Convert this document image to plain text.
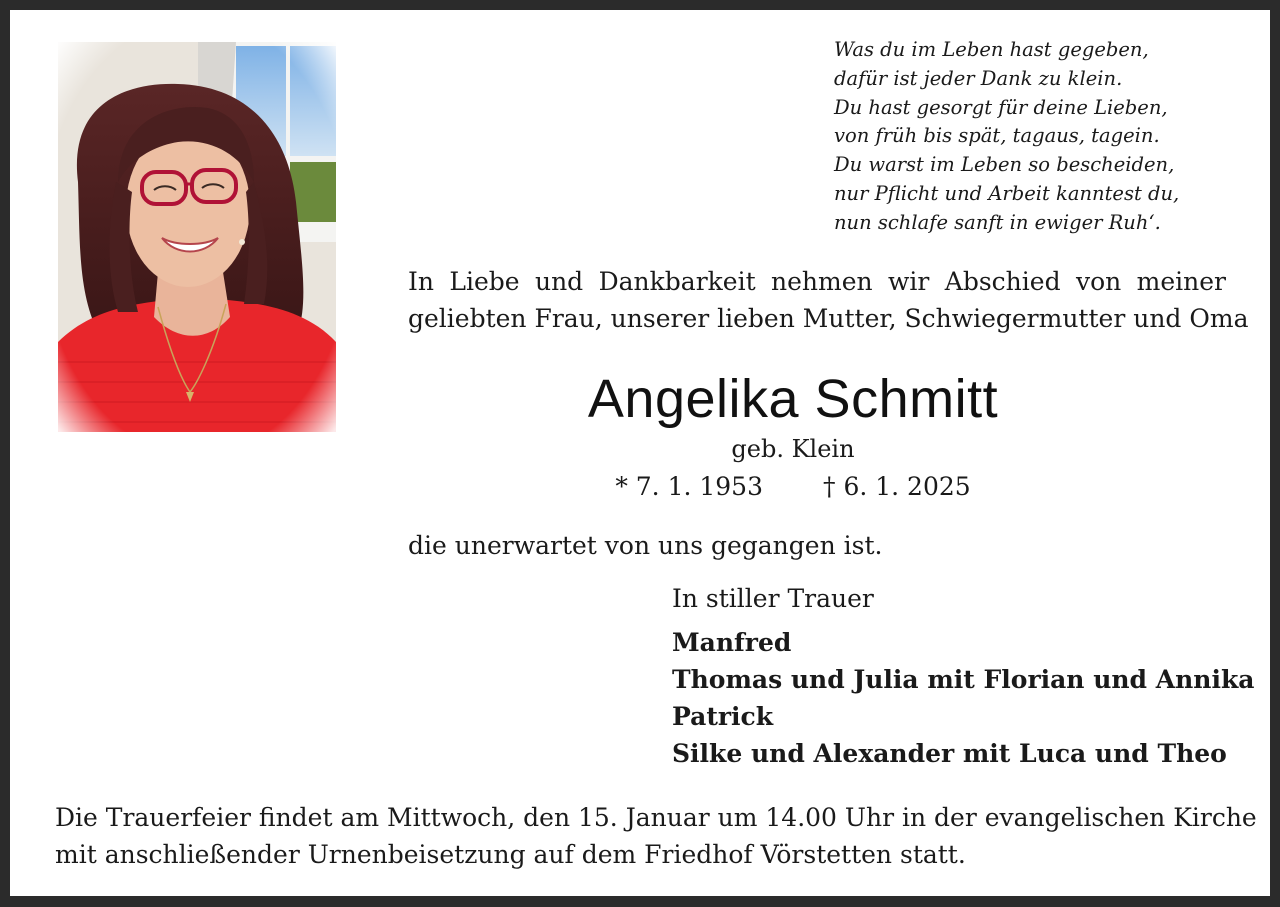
Was du im Leben hast gegeben,
dafür ist jeder Dank zu klein.
Du hast gesorgt für deine Lieben,
von früh bis spät, tagaus, tagein.
Du warst im Leben so bescheiden,
nur Pflicht und Arbeit kanntest du,
nun schlafe sanft in ewiger Ruh‘.
In Liebe und Dankbarkeit nehmen wir Abschied von meiner
geliebten Frau, unserer lieben Mutter, Schwiegermutter und Oma
Angelika Schmitt
geb. Klein
* 7. 1. 1953 † 6. 1. 2025
die unerwartet von uns gegangen ist.
In stiller Trauer
Manfred
Thomas und Julia mit Florian und Annika
Patrick
Silke und Alexander mit Luca und Theo
Die Trauerfeier findet am Mittwoch, den 15. Januar um 14.00 Uhr in der evangelischen Kirche
mit anschließender Urnenbeisetzung auf dem Friedhof Vörstetten statt.
